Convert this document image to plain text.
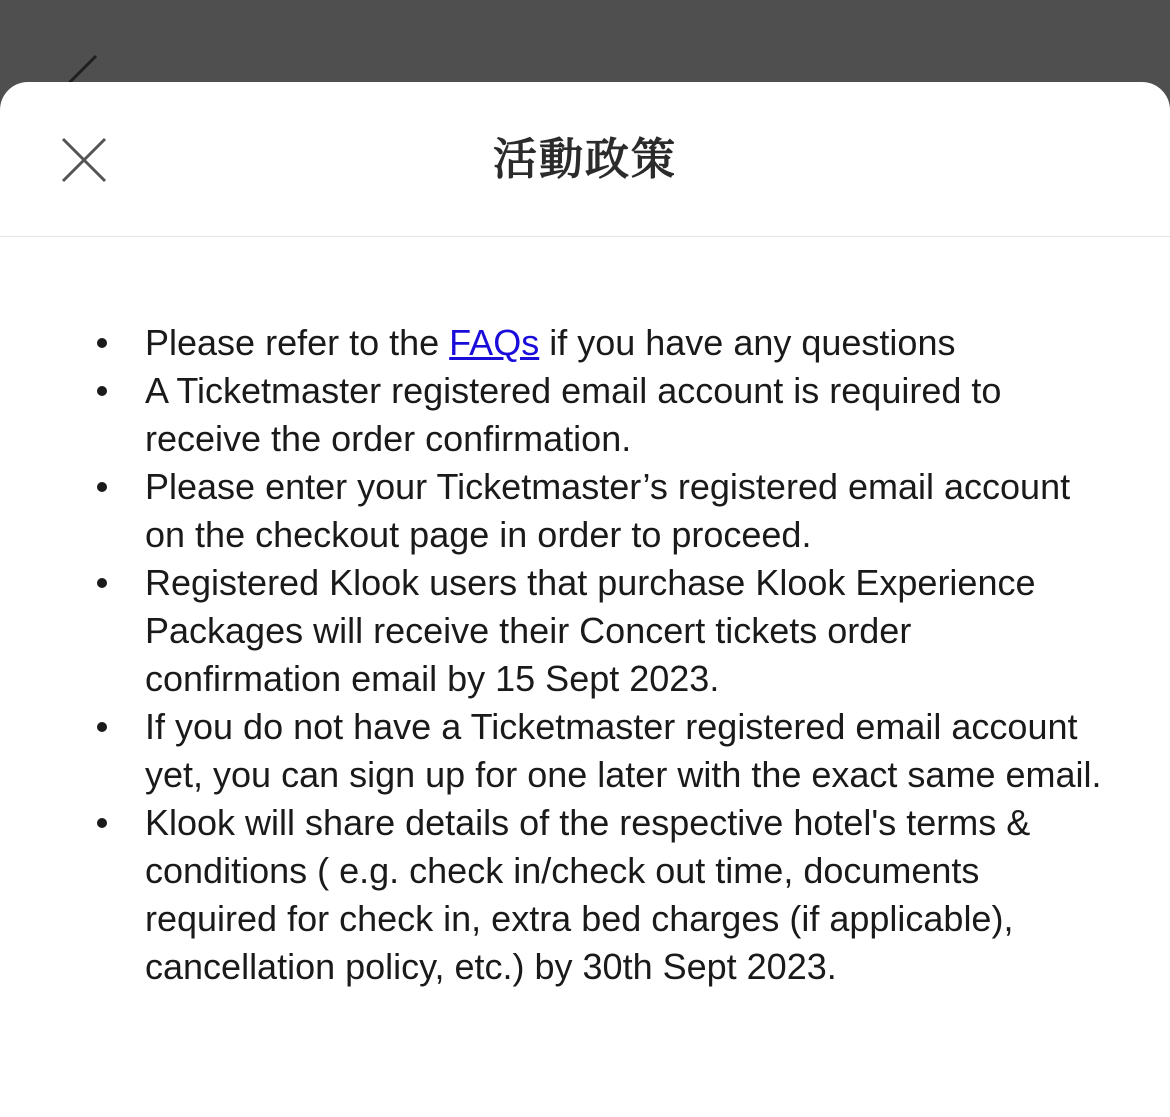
活動政策
Please refer to the FAQs if you have any questions
A Ticketmaster registered email account is required to receive the order confirmation.
Please enter your Ticketmaster’s registered email account on the checkout page in order to proceed.
Registered Klook users that purchase Klook Experience Packages will receive their Concert tickets order confirmation email by 15 Sept 2023.
If you do not have a Ticketmaster registered email account yet, you can sign up for one later with the exact same email.
Klook will share details of the respective hotel's terms & conditions ( e.g. check in/check out time, documents required for check in, extra bed charges (if applicable), cancellation policy, etc.) by 30th Sept 2023.
